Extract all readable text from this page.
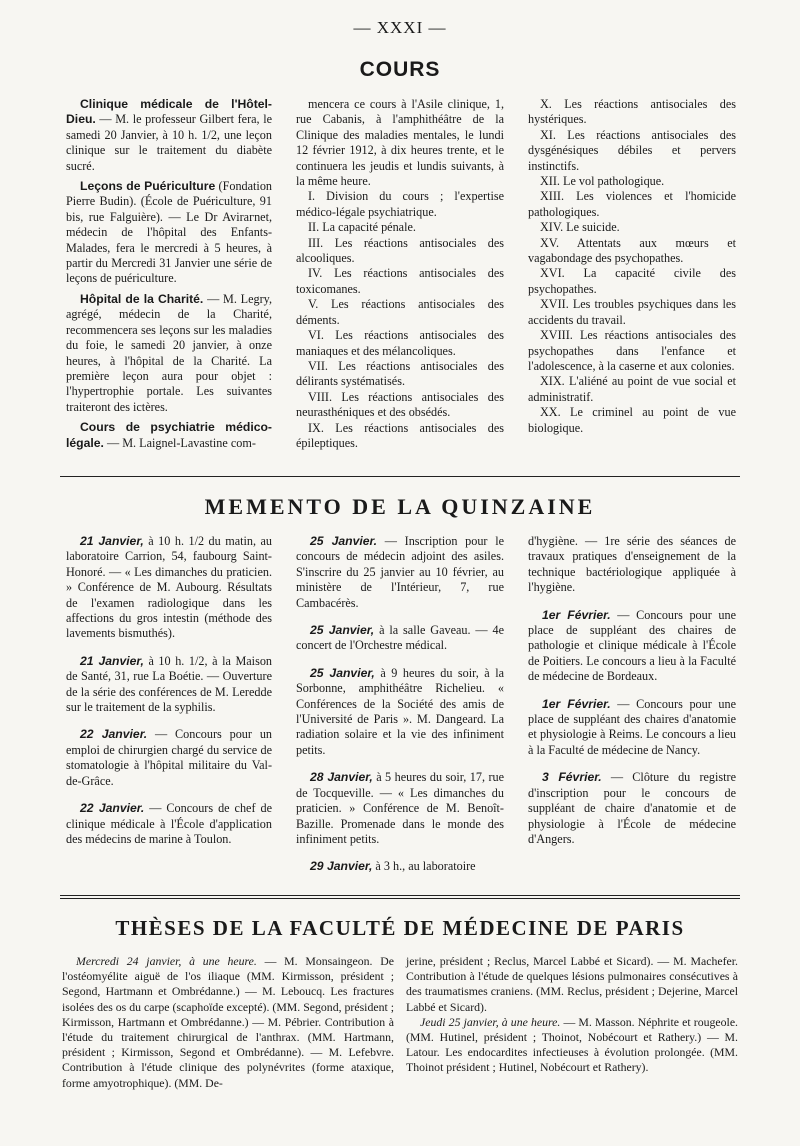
— XXXI —
COURS

Clinique médicale de l'Hôtel-Dieu. — M. le professeur Gilbert fera, le samedi 20 Janvier, à 10 h. 1/2, une leçon clinique sur le traitement du diabète sucré.

Leçons de Puériculture (Fondation Pierre Budin). (École de Puériculture, 91 bis, rue Falguière). — Le Dr Avirагnet, médecin de l'hôpital des Enfants-Malades, fera le mercredi à 5 heures, à partir du Mercredi 31 Janvier une série de leçons de puériculture.

Hôpital de la Charité. — M. Legry, agrégé, médecin de la Charité, recommencera ses leçons sur les maladies du foie, le samedi 20 janvier, à onze heures, à l'hôpital de la Charité. La première leçon aura pour objet : l'hypertrophie portale. Les suivantes traiteront des ictères.

Cours de psychiatrie médico-légale. — M. Laignel-Lavastine com-

mencera ce cours à l'Asile clinique, 1, rue Cabanis, à l'amphithéâtre de la Clinique des maladies mentales, le lundi 12 février 1912, à dix heures trente, et le continuera les jeudis et lundis suivants, à la même heure.

I. Division du cours ; l'expertise médico-légale psychiatrique.

II. La capacité pénale.

III. Les réactions antisociales des alcooliques.

IV. Les réactions antisociales des toxicomanes.

V. Les réactions antisociales des déments.

VI. Les réactions antisociales des maniaques et des mélancoliques.

VII. Les réactions antisociales des délirants systématisés.

VIII. Les réactions antisociales des neurasthéniques et des obsédés.

IX. Les réactions antisociales des épileptiques.

X. Les réactions antisociales des hystériques.

XI. Les réactions antisociales des dysgénésiques débiles et pervers instinctifs.

XII. Le vol pathologique.

XIII. Les violences et l'homicide pathologiques.

XIV. Le suicide.

XV. Attentats aux mœurs et vagabondage des psychopathes.

XVI. La capacité civile des psychopathes.

XVII. Les troubles psychiques dans les accidents du travail.

XVIII. Les réactions antisociales des psychopathes dans l'enfance et l'adolescence, à la caserne et aux colonies.

XIX. L'aliéné au point de vue social et administratif.

XX. Le criminel au point de vue biologique.

MEMENTO DE LA QUINZAINE

21 Janvier, à 10 h. 1/2 du matin, au laboratoire Carrion, 54, faubourg Saint-Honoré. — « Les dimanches du praticien. » Conférence de M. Aubourg. Résultats de l'examen radiologique dans les affections du gros intestin (méthode des lavements bismuthés).

21 Janvier, à 10 h. 1/2, à la Maison de Santé, 31, rue La Boétie. — Ouverture de la série des conférences de M. Leredde sur le traitement de la syphilis.

22 Janvier. — Concours pour un emploi de chirurgien chargé du service de stomatologie à l'hôpital militaire du Val-de-Grâce.

22 Janvier. — Concours de chef de clinique médicale à l'École d'application des médecins de marine à Toulon.

25 Janvier. — Inscription pour le concours de médecin adjoint des asiles. S'inscrire du 25 janvier au 10 février, au ministère de l'Intérieur, 7, rue Cambacérès.

25 Janvier, à la salle Gaveau. — 4e concert de l'Orchestre médical.

25 Janvier, à 9 heures du soir, à la Sorbonne, amphithéâtre Richelieu. « Conférences de la Société des amis de l'Université de Paris ». M. Dangeard. La radiation solaire et la vie des infiniment petits.

28 Janvier, à 5 heures du soir, 17, rue de Tocqueville. — « Les dimanches du praticien. » Conférence de M. Benoît-Bazille. Promenade dans le monde des infiniment petits.

29 Janvier, à 3 h., au laboratoire

d'hygiène. — 1re série des séances de travaux pratiques d'enseignement de la technique bactériologique appliquée à l'hygiène.

1er Février. — Concours pour une place de suppléant des chaires de pathologie et clinique médicale à l'École de Poitiers. Le concours a lieu à la Faculté de médecine de Bordeaux.

1er Février. — Concours pour une place de suppléant des chaires d'anatomie et physiologie à Reims. Le concours a lieu à la Faculté de médecine de Nancy.

3 Février. — Clôture du registre d'inscription pour le concours de suppléant de chaire d'anatomie et de physiologie à l'École de médecine d'Angers.

THÈSES DE LA FACULTÉ DE MÉDECINE DE PARIS

Mercredi 24 janvier, à une heure. — M. Monsaingeon. De l'ostéomyélite aiguë de l'os iliaque (MM. Kirmisson, président ; Segond, Hartmann et Ombrédanne.) — M. Leboucq. Les fractures isolées des os du carpe (scaphoïde excepté). (MM. Segond, président ; Kirmisson, Hartmann et Ombrédanne.) — M. Pébrier. Contribution à l'étude du traitement chirurgical de l'anthrax. (MM. Hartmann, président ; Kirmisson, Segond et Ombrédanne). — M. Lefebvre. Contribution à l'étude clinique des polynévrites (forme ataxique, forme amyotrophique). (MM. De-

jerine, président ; Reclus, Marcel Labbé et Sicard). — M. Machefer. Contribution à l'étude de quelques lésions pulmonaires consécutives à des traumatismes craniens. (MM. Reclus, président ; Dejerine, Marcel Labbé et Sicard).

Jeudi 25 janvier, à une heure. — M. Masson. Néphrite et rougeole. (MM. Hutinel, président ; Thoinot, Nobécourt et Rathery.) — M. Latour. Les endocardites infectieuses à évolution prolongée. (MM. Thoinot président ; Hutinel, Nobécourt et Rathery).
